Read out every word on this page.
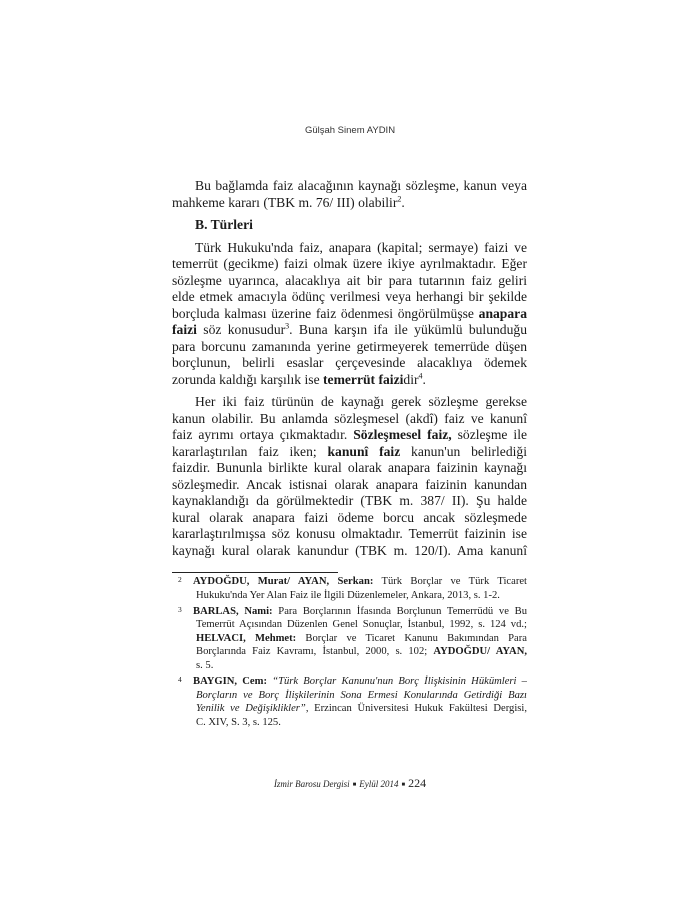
Gülşah Sinem AYDIN
Bu bağlamda faiz alacağının kaynağı sözleşme, kanun veya
mahkeme kararı (TBK m. 76/ III) olabilir$^2$.
B. Türleri
Türk Hukuku'nda faiz, anapara (kapital; sermaye) faizi ve
temerrüt (gecikme) faizi olmak üzere ikiye ayrılmaktadır. Eğer
sözleşme uyarınca, alacaklıya ait bir para tutarının faiz geliri
elde etmek amacıyla ödünç verilmesi veya herhangi bir şekilde
borçluda kalması üzerine faiz ödenmesi öngörülmüşse anapara
faizi söz konusudur$^3$. Buna karşın ifa ile yükümlü bulunduğu
para borcunu zamanında yerine getirmeyerek temerrüde düşen
borçlunun, belirli esaslar çerçevesinde alacaklıya ödemek
zorunda kaldığı karşılık ise temerrüt faizidir$^4$.
Her iki faiz türünün de kaynağı gerek sözleşme gerekse
kanun olabilir. Bu anlamda sözleşmesel (akdî) faiz ve kanunî
faiz ayrımı ortaya çıkmaktadır. Sözleşmesel faiz, sözleşme ile
kararlaştırılan faiz iken; kanunî faiz kanun'un belirlediği
faizdir. Bununla birlikte kural olarak anapara faizinin kaynağı
sözleşmedir. Ancak istisnai olarak anapara faizinin kanundan
kaynaklandığı da görülmektedir (TBK m. 387/ II). Şu halde
kural olarak anapara faizi ödeme borcu ancak sözleşmede
kararlaştırılmışsa söz konusu olmaktadır. Temerrüt faizinin ise
kaynağı kural olarak kanundur (TBK m. 120/I). Ama kanunî
2 AYDOĞDU, Murat/ AYAN, Serkan: Türk Borçlar ve Türk Ticaret
Hukuku'nda Yer Alan Faiz ile İlgili Düzenlemeler, Ankara, 2013, s. 1-2.
3 BARLAS, Nami: Para Borçlarının İfasında Borçlunun Temerrüdü ve Bu
Temerrüt Açısından Düzenlen Genel Sonuçlar, İstanbul, 1992, s. 124 vd.;
HELVACI, Mehmet: Borçlar ve Ticaret Kanunu Bakımından Para
Borçlarında Faiz Kavramı, İstanbul, 2000, s. 102; AYDOĞDU/ AYAN,
s. 5.
4 BAYGIN, Cem: “Türk Borçlar Kanunu'nun Borç İlişkisinin Hükümleri –
Borçların ve Borç İlişkilerinin Sona Ermesi Konularında Getirdiği Bazı
Yenilik ve Değişiklikler”, Erzincan Üniversitesi Hukuk Fakültesi Dergisi,
C. XIV, S. 3, s. 125.
İzmir Barosu Dergisi ■ Eylül 2014 ■ 224
